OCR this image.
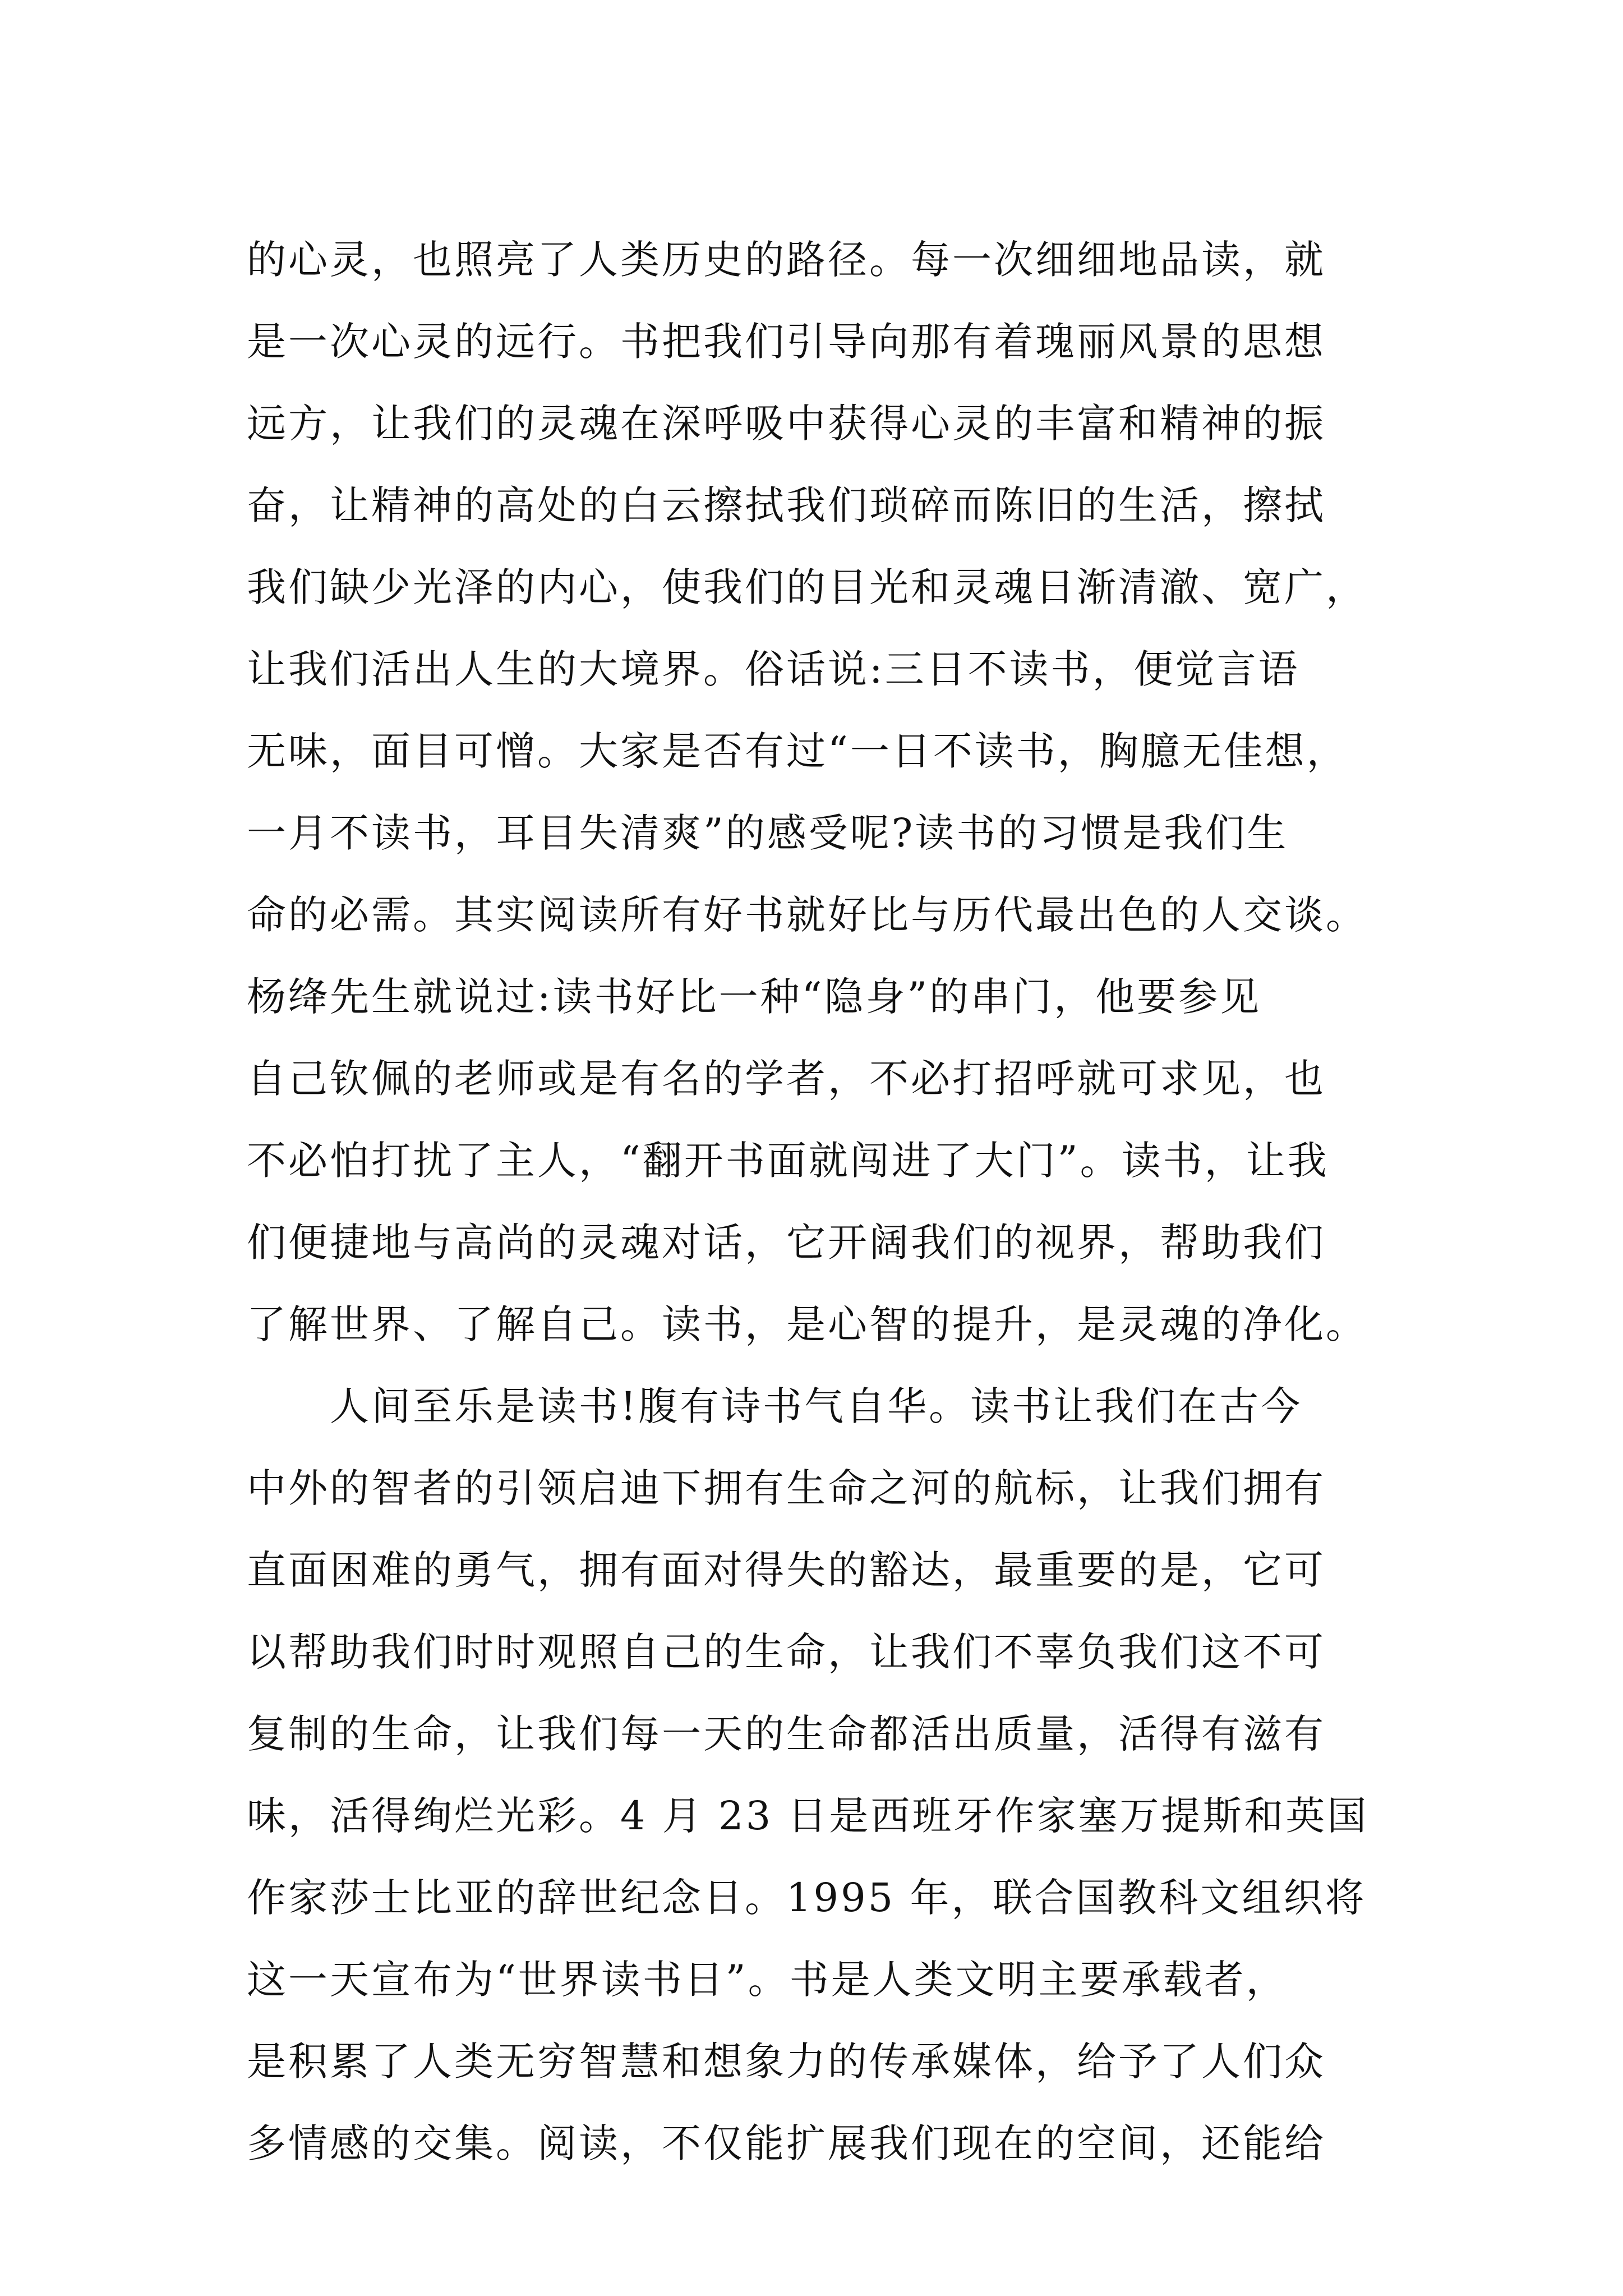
的心灵，也照亮了人类历史的路径。每一次细细地品读，就
是一次心灵的远行。书把我们引导向那有着瑰丽风景的思想
远方，让我们的灵魂在深呼吸中获得心灵的丰富和精神的振
奋，让精神的高处的白云擦拭我们琐碎而陈旧的生活，擦拭
我们缺少光泽的内心，使我们的目光和灵魂日渐清澈、宽广，
让我们活出人生的大境界。俗话说:三日不读书，便觉言语
无味，面目可憎。大家是否有过“一日不读书，胸臆无佳想，
一月不读书，耳目失清爽”的感受呢?读书的习惯是我们生
命的必需。其实阅读所有好书就好比与历代最出色的人交谈。
杨绛先生就说过:读书好比一种“隐身”的串门，他要参见
自己钦佩的老师或是有名的学者，不必打招呼就可求见，也
不必怕打扰了主人，“翻开书面就闯进了大门”。读书，让我
们便捷地与高尚的灵魂对话，它开阔我们的视界，帮助我们
了解世界、了解自己。读书，是心智的提升，是灵魂的净化。
　　人间至乐是读书!腹有诗书气自华。读书让我们在古今
中外的智者的引领启迪下拥有生命之河的航标，让我们拥有
直面困难的勇气，拥有面对得失的豁达，最重要的是，它可
以帮助我们时时观照自己的生命，让我们不辜负我们这不可
复制的生命，让我们每一天的生命都活出质量，活得有滋有
味，活得绚烂光彩。4 月 23 日是西班牙作家塞万提斯和英国
作家莎士比亚的辞世纪念日。1995 年，联合国教科文组织将
这一天宣布为“世界读书日”。书是人类文明主要承载者，
是积累了人类无穷智慧和想象力的传承媒体，给予了人们众
多情感的交集。阅读，不仅能扩展我们现在的空间，还能给
